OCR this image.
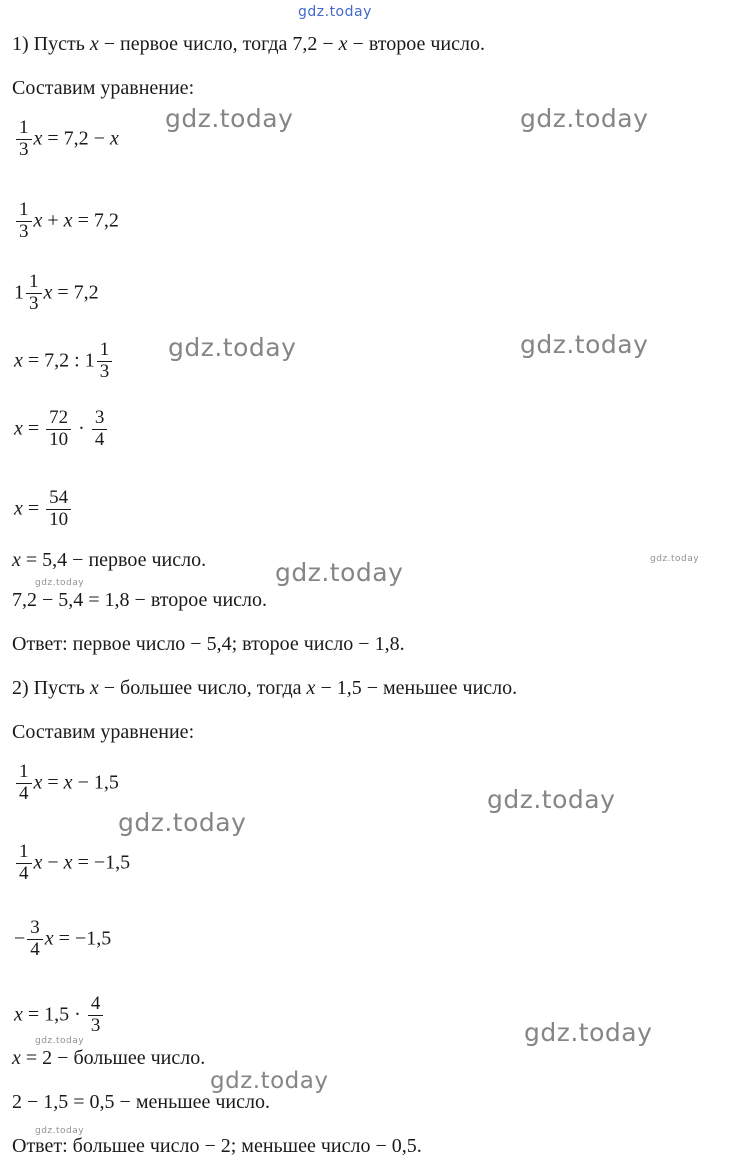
gdz.today
1) Пусть x − первое число, тогда 7,2 − x − второе число.
Составим уравнение:
$\frac{1}{3}$ x = 7,2 − x
$\frac{1}{3}$ x + x = 7,2
$1 \frac{1}{3}$ x = 7,2
x = 7,2 : $1 \frac{1}{3}$
$x = \frac{72}{10} \cdot \frac{3}{4}$
$x = \frac{54}{10}$
x = 5,4 − первое число.
7,2 − 5,4 = 1,8 − второе число.
Ответ: первое число − 5,4; второе число − 1,8.
2) Пусть x − большее число, тогда x − 1,5 − меньшее число.
Составим уравнение:
$\frac{1}{4}$ x = x − 1,5
$\frac{1}{4}$ x − x = −1,5
− $\frac{3}{4}$ x = −1,5
$x = 1,5 \cdot \frac{4}{3}$
x = 2 − большее число.
2 − 1,5 = 0,5 − меньшее число.
Ответ: большее число − 2; меньшее число − 0,5.
gdz.today	gdz.today
gdz.today	gdz.today
gdz.today	gdz.today
gdz.today
gdz.today
gdz.today
gdz.today
gdz.today
gdz.today
gdz.today
